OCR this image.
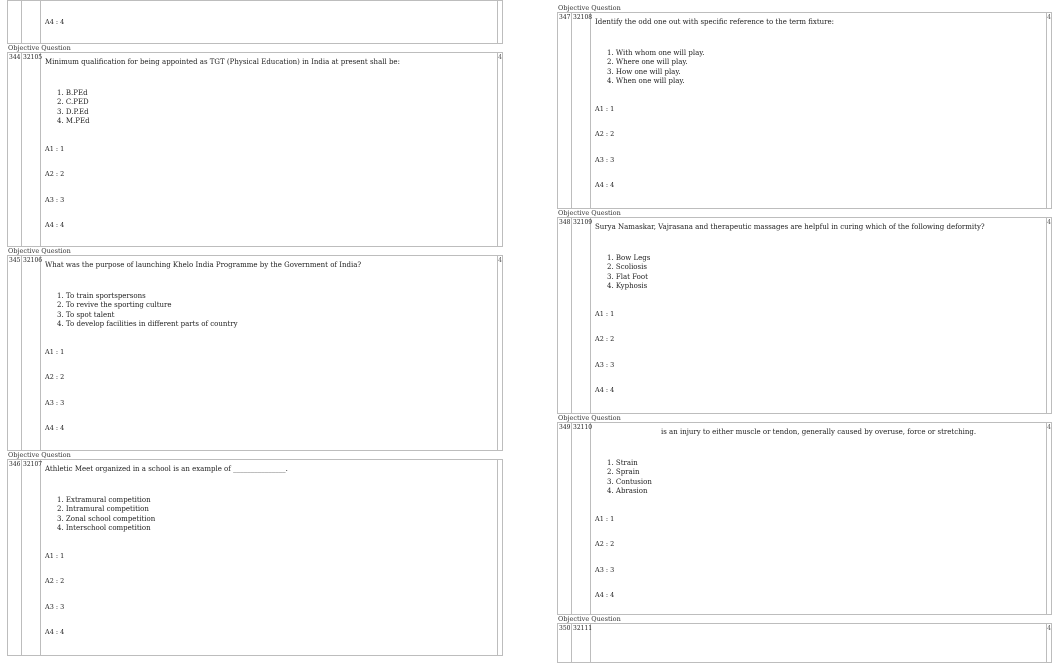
A4 : 4
Objective Question
344 32105
Minimum qualification for being appointed as TGT (Physical Education) in India at present shall be:
1. B.PEd
2. C.PED
3. D.P.Ed
4. M.PEd
A1 : 1
A2 : 2
A3 : 3
A4 : 4
4
Objective Question
345 32106
What was the purpose of launching Khelo India Programme by the Government of India?
1. To train sportspersons
2. To revive the sporting culture
3. To spot talent
4. To develop facilities in different parts of country
A1 : 1
A2 : 2
A3 : 3
A4 : 4
4
Objective Question
346 32107
Athletic Meet organized in a school is an example of _______________.
1. Extramural competition
2. Intramural competition
3. Zonal school competition
4. Interschool competition
A1 : 1
A2 : 2
A3 : 3
A4 : 4
Objective Question
347 32108
Identify the odd one out with specific reference to the term fixture:
1. With whom one will play.
2. Where one will play.
3. How one will play.
4. When one will play.
A1 : 1
A2 : 2
A3 : 3
A4 : 4
4
Objective Question
348 32109
Surya Namaskar, Vajrasana and therapeutic massages are helpful in curing which of the following deformity?
1. Bow Legs
2. Scoliosis
3. Flat Foot
4. Kyphosis
A1 : 1
A2 : 2
A3 : 3
A4 : 4
4
Objective Question
349 32110
is an injury to either muscle or tendon, generally caused by overuse, force or stretching.
1. Strain
2. Sprain
3. Contusion
4. Abrasion
A1 : 1
A2 : 2
A3 : 3
A4 : 4
4
Objective Question
350 32111	4
